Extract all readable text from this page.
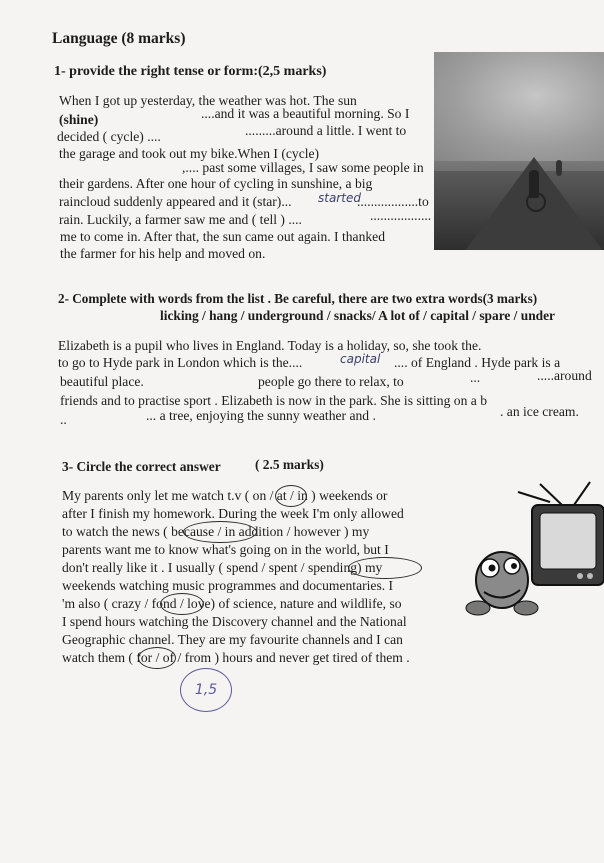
Language (8 marks)
1- provide the right tense or form:(2,5 marks)
When I got up yesterday, the weather was hot. The sun
(shine)	....and it was a beautiful morning. So I
decided ( cycle) ....	.........around a little. I went to
the garage and took out my bike.When I (cycle)
,.... past some villages, I saw some people in
their gardens. After one hour of cycling in sunshine, a big
raincloud suddenly appeared and it (star)... started
..................to
rain. Luckily, a farmer saw me and ( tell ) ....	..................
me to come in. After that, the sun came out again. I thanked
the farmer for his help and moved on.
2- Complete with words from the list . Be careful, there are two extra words(3 marks)
licking / hang / underground / snacks/ A lot of / capital / spare / under
Elizabeth is a pupil who lives in England. Today is a holiday, so, she took the.
to go to Hyde park in London which is the....	capital .... of England . Hyde park is a
beautiful place.	people go there to relax, to	...	.....around
friends and to practise sport . Elizabeth is now in the park. She is sitting on a b
..	... a tree, enjoying the sunny weather and .	. an ice cream.
3- Circle the correct answer	( 2.5 marks)
My parents only let me watch t.v ( on / at / in ) weekends or
after I finish my homework. During the week I'm only allowed
to watch the news ( because / in addition / however ) my
parents want me to know what's going on in the world, but I
don't really like it . I usually ( spend / spent / spending) my
weekends watching music programmes and documentaries. I
'm also ( crazy / fond / love) of science, nature and wildlife, so
I spend hours watching the Discovery channel and the National
Geographic channel. They are my favourite channels and I can
watch them ( for / of / from ) hours and never get tired of them .
1,5
